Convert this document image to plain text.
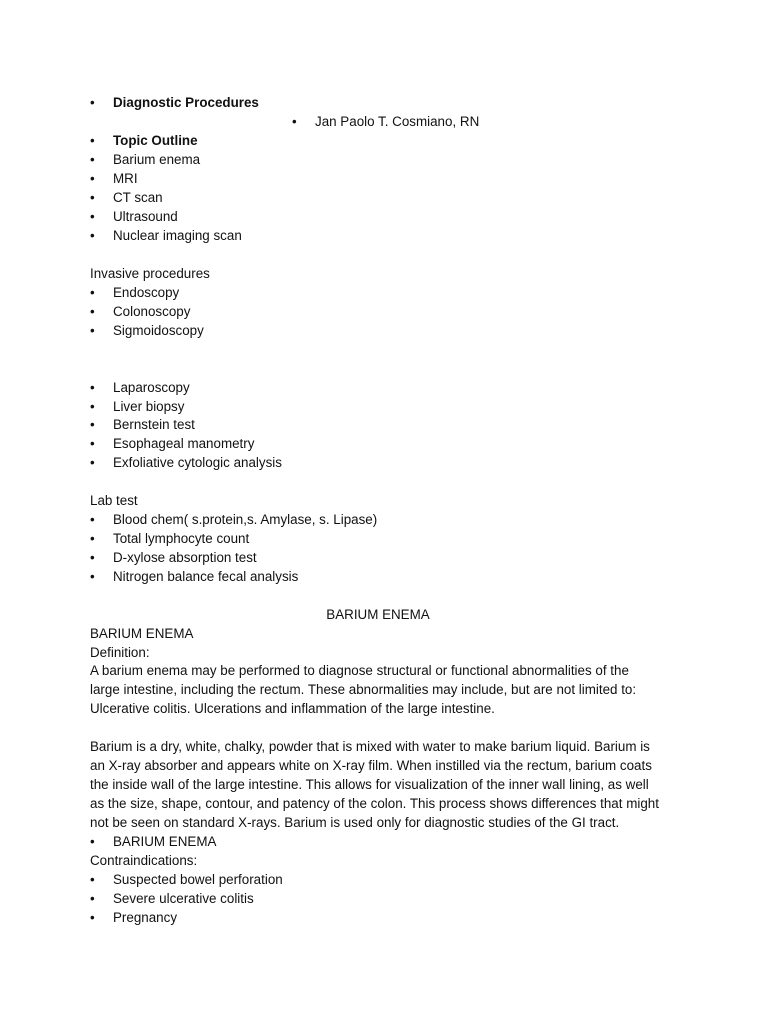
• Diagnostic Procedures
• Jan Paolo T. Cosmiano, RN
• Topic Outline
• Barium enema
• MRI
• CT scan
• Ultrasound
• Nuclear imaging scan
Invasive procedures
• Endoscopy
• Colonoscopy
• Sigmoidoscopy
• Laparoscopy
• Liver biopsy
• Bernstein test
• Esophageal manometry
• Exfoliative cytologic analysis
Lab test
• Blood chem( s.protein,s. Amylase, s. Lipase)
• Total lymphocyte count
• D-xylose absorption test
• Nitrogen balance fecal analysis
BARIUM ENEMA
BARIUM ENEMA
Definition:
A barium enema may be performed to diagnose structural or functional abnormalities of the
large intestine, including the rectum. These abnormalities may include, but are not limited to:
Ulcerative colitis. Ulcerations and inflammation of the large intestine.
Barium is a dry, white, chalky, powder that is mixed with water to make barium liquid. Barium is
an X-ray absorber and appears white on X-ray film. When instilled via the rectum, barium coats
the inside wall of the large intestine. This allows for visualization of the inner wall lining, as well
as the size, shape, contour, and patency of the colon. This process shows differences that might
not be seen on standard X-rays. Barium is used only for diagnostic studies of the GI tract.
• BARIUM ENEMA
Contraindications:
• Suspected bowel perforation
• Severe ulcerative colitis
• Pregnancy
